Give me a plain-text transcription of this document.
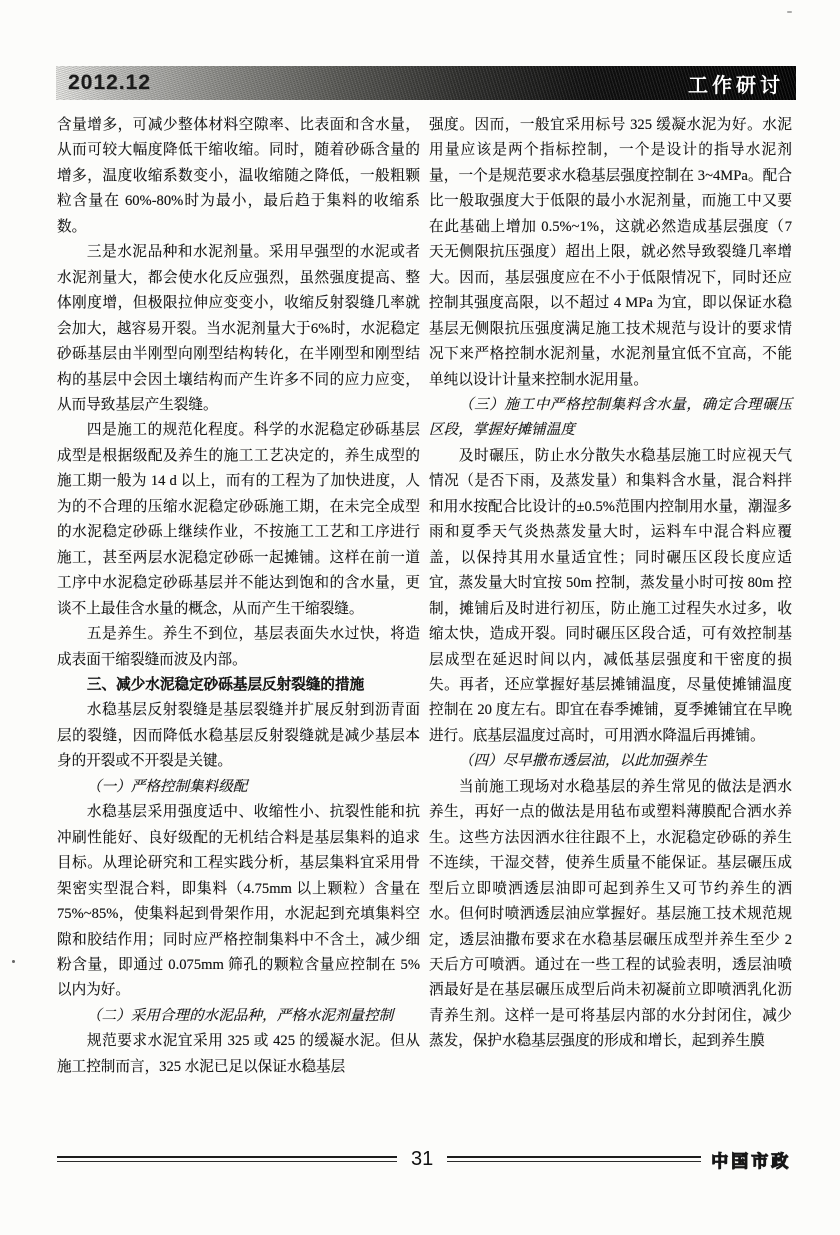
2012.12	工作研讨

含量增多，可减少整体材料空隙率、比表面和含水量，从而可较大幅度降低干缩收缩。同时，随着砂砾含量的增多，温度收缩系数变小，温收缩随之降低，一般粗颗粒含量在 60%-80%时为最小，最后趋于集料的收缩系数。

三是水泥品种和水泥剂量。采用早强型的水泥或者水泥剂量大，都会使水化反应强烈，虽然强度提高、整体刚度增，但极限拉伸应变变小，收缩反射裂缝几率就会加大，越容易开裂。当水泥剂量大于6%时，水泥稳定砂砾基层由半刚型向刚型结构转化，在半刚型和刚型结构的基层中会因土壤结构而产生许多不同的应力应变，从而导致基层产生裂缝。

四是施工的规范化程度。科学的水泥稳定砂砾基层成型是根据级配及养生的施工工艺决定的，养生成型的施工期一般为 14 d 以上，而有的工程为了加快进度，人为的不合理的压缩水泥稳定砂砾施工期，在未完全成型的水泥稳定砂砾上继续作业，不按施工工艺和工序进行施工，甚至两层水泥稳定砂砾一起摊铺。这样在前一道工序中水泥稳定砂砾基层并不能达到饱和的含水量，更谈不上最佳含水量的概念，从而产生干缩裂缝。

五是养生。养生不到位，基层表面失水过快，将造成表面干缩裂缝而波及内部。

三、减少水泥稳定砂砾基层反射裂缝的措施

水稳基层反射裂缝是基层裂缝并扩展反射到沥青面层的裂缝，因而降低水稳基层反射裂缝就是减少基层本身的开裂或不开裂是关键。

（一）严格控制集料级配

水稳基层采用强度适中、收缩性小、抗裂性能和抗冲刷性能好、良好级配的无机结合料是基层集料的追求目标。从理论研究和工程实践分析，基层集料宜采用骨架密实型混合料，即集料（4.75mm 以上颗粒）含量在 75%~85%，使集料起到骨架作用，水泥起到充填集料空隙和胶结作用；同时应严格控制集料中不含土，减少细粉含量，即通过 0.075mm 筛孔的颗粒含量应控制在 5%以内为好。

（二）采用合理的水泥品种，严格水泥剂量控制

规范要求水泥宜采用 325 或 425 的缓凝水泥。但从施工控制而言，325 水泥已足以保证水稳基层

强度。因而，一般宜采用标号 325 缓凝水泥为好。水泥用量应该是两个指标控制，一个是设计的指导水泥剂量，一个是规范要求水稳基层强度控制在 3~4MPa。配合比一般取强度大于低限的最小水泥剂量，而施工中又要在此基础上增加 0.5%~1%，这就必然造成基层强度（7 天无侧限抗压强度）超出上限，就必然导致裂缝几率增大。因而，基层强度应在不小于低限情况下，同时还应控制其强度高限，以不超过 4 MPa 为宜，即以保证水稳基层无侧限抗压强度满足施工技术规范与设计的要求情况下来严格控制水泥剂量，水泥剂量宜低不宜高，不能单纯以设计计量来控制水泥用量。

（三）施工中严格控制集料含水量，确定合理碾压区段，掌握好摊铺温度

及时碾压，防止水分散失水稳基层施工时应视天气情况（是否下雨，及蒸发量）和集料含水量，混合料拌和用水按配合比设计的±0.5%范围内控制用水量，潮湿多雨和夏季天气炎热蒸发量大时，运料车中混合料应覆盖，以保持其用水量适宜性；同时碾压区段长度应适宜，蒸发量大时宜按 50m 控制，蒸发量小时可按 80m 控制，摊铺后及时进行初压，防止施工过程失水过多，收缩太快，造成开裂。同时碾压区段合适，可有效控制基层成型在延迟时间以内，减低基层强度和干密度的损失。再者，还应掌握好基层摊铺温度，尽量使摊铺温度控制在 20 度左右。即宜在春季摊铺，夏季摊铺宜在早晚进行。底基层温度过高时，可用洒水降温后再摊铺。

（四）尽早撒布透层油，以此加强养生

当前施工现场对水稳基层的养生常见的做法是洒水养生，再好一点的做法是用毡布或塑料薄膜配合洒水养生。这些方法因洒水往往跟不上，水泥稳定砂砾的养生不连续，干湿交替，使养生质量不能保证。基层碾压成型后立即喷洒透层油即可起到养生又可节约养生的洒水。但何时喷洒透层油应掌握好。基层施工技术规范规定，透层油撒布要求在水稳基层碾压成型并养生至少 2 天后方可喷洒。通过在一些工程的试验表明，透层油喷洒最好是在基层碾压成型后尚未初凝前立即喷洒乳化沥青养生剂。这样一是可将基层内部的水分封闭住，减少蒸发，保护水稳基层强度的形成和增长，起到养生膜

31	中国市政
